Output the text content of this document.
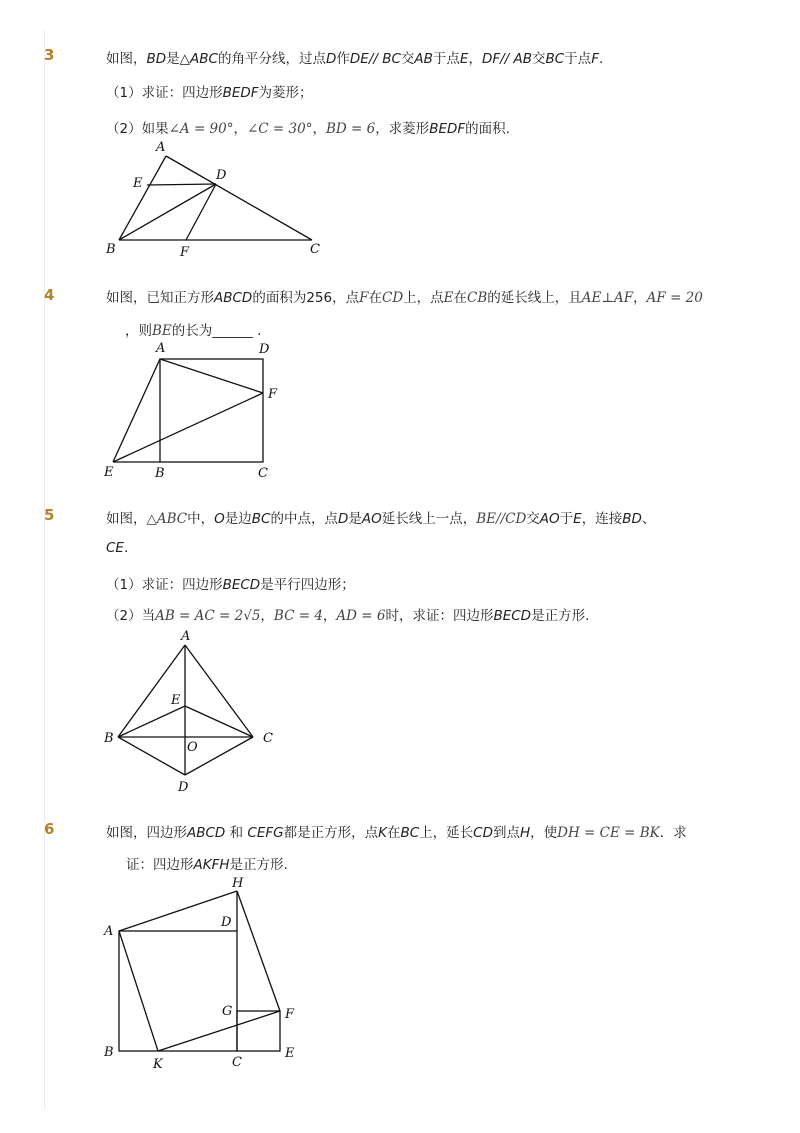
3	如图，BD是△ABC的角平分线，过点D作DE// BC交AB于点E，DF// AB交BC于点F.
（1）求证：四边形BEDF为菱形；
（2）如果∠A = 90°，∠C = 30°，BD = 6，求菱形BEDF的面积.
A
E
D
B	F	C
4	如图，已知正方形ABCD的面积为256，点F在CD上，点E在CB的延长线上，且AE⊥AF，AF = 20
，则BE的长为______ .
A	D
F
E	B	C
5	如图，△ABC中，O是边BC的中点，点D是AO延长线上一点，BE//CD交AO于E，连接BD、
CE.
（1）求证：四边形BECD是平行四边形；
（2）当AB = AC = 2√5，BC = 4，AD = 6时，求证：四边形BECD是正方形.
A
E
B
O
C
D
6	如图，四边形ABCD 和 CEFG都是正方形，点K在BC上，延长CD到点H，使DH = CE = BK．求
证：四边形AKFH是正方形.
H
D
A
G	F
B
K	C
E
